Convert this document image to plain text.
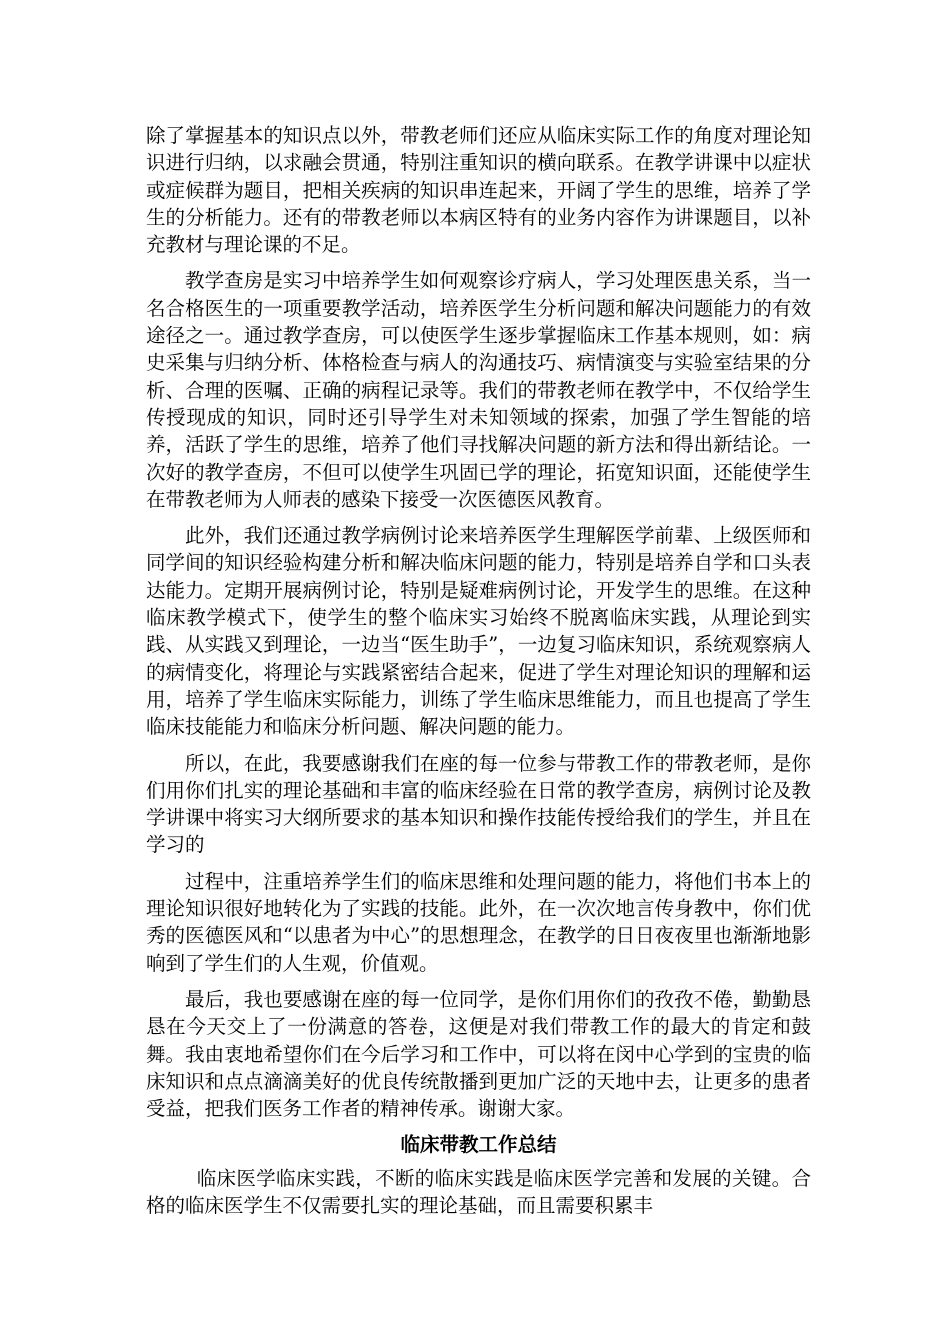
除了掌握基本的知识点以外，带教老师们还应从临床实际工作的角度对理论知识进行归纳，以求融会贯通，特别注重知识的横向联系。在教学讲课中以症状或症候群为题目，把相关疾病的知识串连起来，开阔了学生的思维，培养了学生的分析能力。还有的带教老师以本病区特有的业务内容作为讲课题目，以补充教材与理论课的不足。

教学查房是实习中培养学生如何观察诊疗病人，学习处理医患关系，当一名合格医生的一项重要教学活动，培养医学生分析问题和解决问题能力的有效途径之一。通过教学查房，可以使医学生逐步掌握临床工作基本规则，如：病史采集与归纳分析、体格检查与病人的沟通技巧、病情演变与实验室结果的分析、合理的医嘱、正确的病程记录等。我们的带教老师在教学中，不仅给学生传授现成的知识，同时还引导学生对未知领域的探索，加强了学生智能的培养，活跃了学生的思维，培养了他们寻找解决问题的新方法和得出新结论。一次好的教学查房，不但可以使学生巩固已学的理论，拓宽知识面，还能使学生在带教老师为人师表的感染下接受一次医德医风教育。

此外，我们还通过教学病例讨论来培养医学生理解医学前辈、上级医师和同学间的知识经验构建分析和解决临床问题的能力，特别是培养自学和口头表达能力。定期开展病例讨论，特别是疑难病例讨论，开发学生的思维。在这种临床教学模式下，使学生的整个临床实习始终不脱离临床实践，从理论到实践、从实践又到理论，一边当“医生助手”，一边复习临床知识，系统观察病人的病情变化，将理论与实践紧密结合起来，促进了学生对理论知识的理解和运用，培养了学生临床实际能力，训练了学生临床思维能力，而且也提高了学生临床技能能力和临床分析问题、解决问题的能力。

所以，在此，我要感谢我们在座的每一位参与带教工作的带教老师，是你们用你们扎实的理论基础和丰富的临床经验在日常的教学查房，病例讨论及教学讲课中将实习大纲所要求的基本知识和操作技能传授给我们的学生，并且在学习的

过程中，注重培养学生们的临床思维和处理问题的能力，将他们书本上的理论知识很好地转化为了实践的技能。此外，在一次次地言传身教中，你们优秀的医德医风和“以患者为中心”的思想理念，在教学的日日夜夜里也渐渐地影响到了学生们的人生观，价值观。

最后，我也要感谢在座的每一位同学，是你们用你们的孜孜不倦，勤勤恳恳在今天交上了一份满意的答卷，这便是对我们带教工作的最大的肯定和鼓舞。我由衷地希望你们在今后学习和工作中，可以将在闵中心学到的宝贵的临床知识和点点滴滴美好的优良传统散播到更加广泛的天地中去，让更多的患者受益，把我们医务工作者的精神传承。谢谢大家。

临床带教工作总结

临床医学临床实践，不断的临床实践是临床医学完善和发展的关键。合格的临床医学生不仅需要扎实的理论基础，而且需要积累丰
